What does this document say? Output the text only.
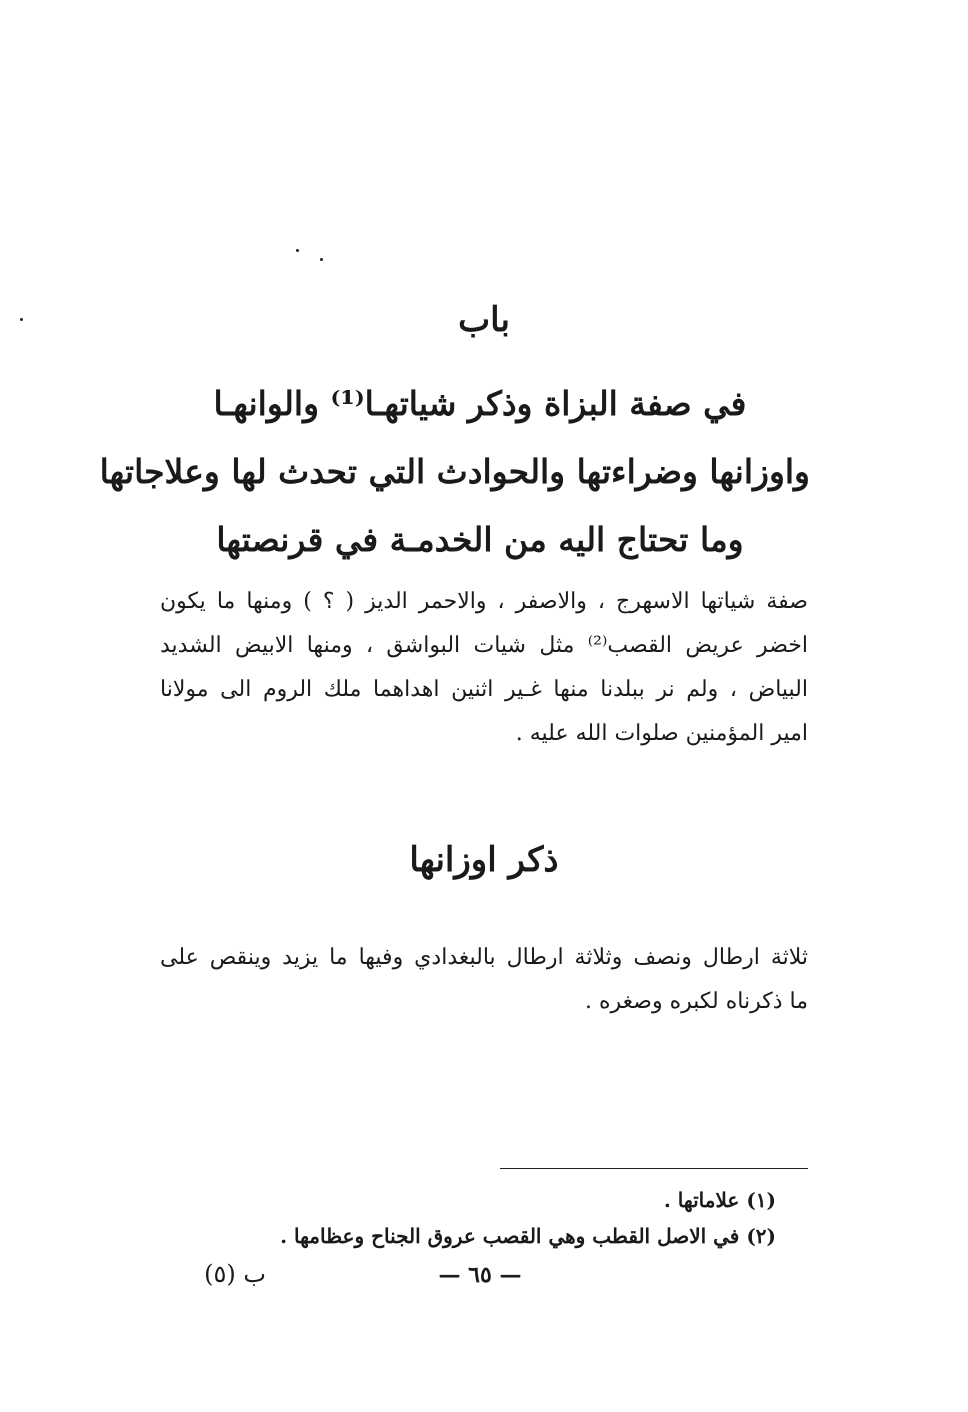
باب
في صفة البزاة وذكر شياتهـا⁽¹⁾ والوانهـا
واوزانها وضراءتها والحوادث التي تحدث لها وعلاجاتها
وما تحتاج اليه من الخدمـة في قرنصتها
صفة شياتها الاسهرج ، والاصفر ، والاحمر الديز ( ؟ ) ومنها ما يكون
اخضر عريض القصب⁽²⁾ مثل شيات البواشق ، ومنها الابيض الشديد
البياض ، ولم نر ببلدنا منها غـير اثنين اهداهما ملك الروم الى مولانا
امير المؤمنين صلوات الله عليه .
ذكر اوزانها
ثلاثة ارطال ونصف وثلاثة ارطال بالبغدادي وفيها ما يزيد وينقص على
ما ذكرناه لكبره وصغره .
(١) علاماتها .
(٢) في الاصل القطب وهي القصب عروق الجناح وعظامها .
— ٦٥ —
ب (٥)
